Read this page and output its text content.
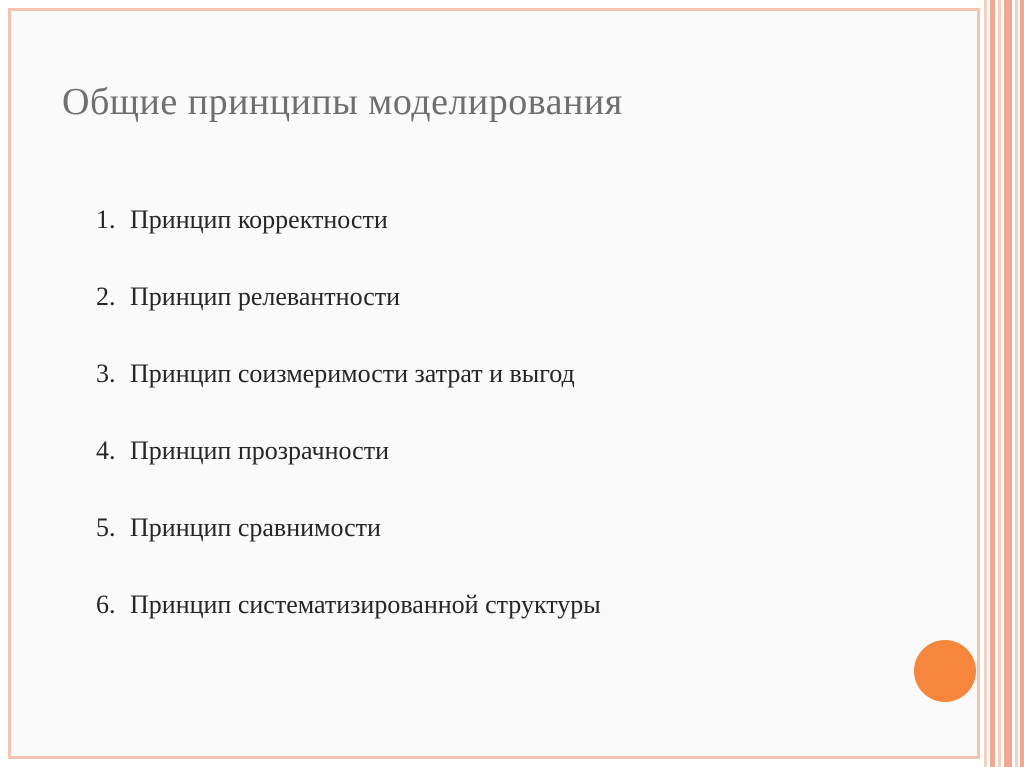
Общие принципы моделирования
1. Принцип корректности
2. Принцип релевантности
3. Принцип соизмеримости затрат и выгод
4. Принцип прозрачности
5. Принцип сравнимости
6. Принцип систематизированной структуры
